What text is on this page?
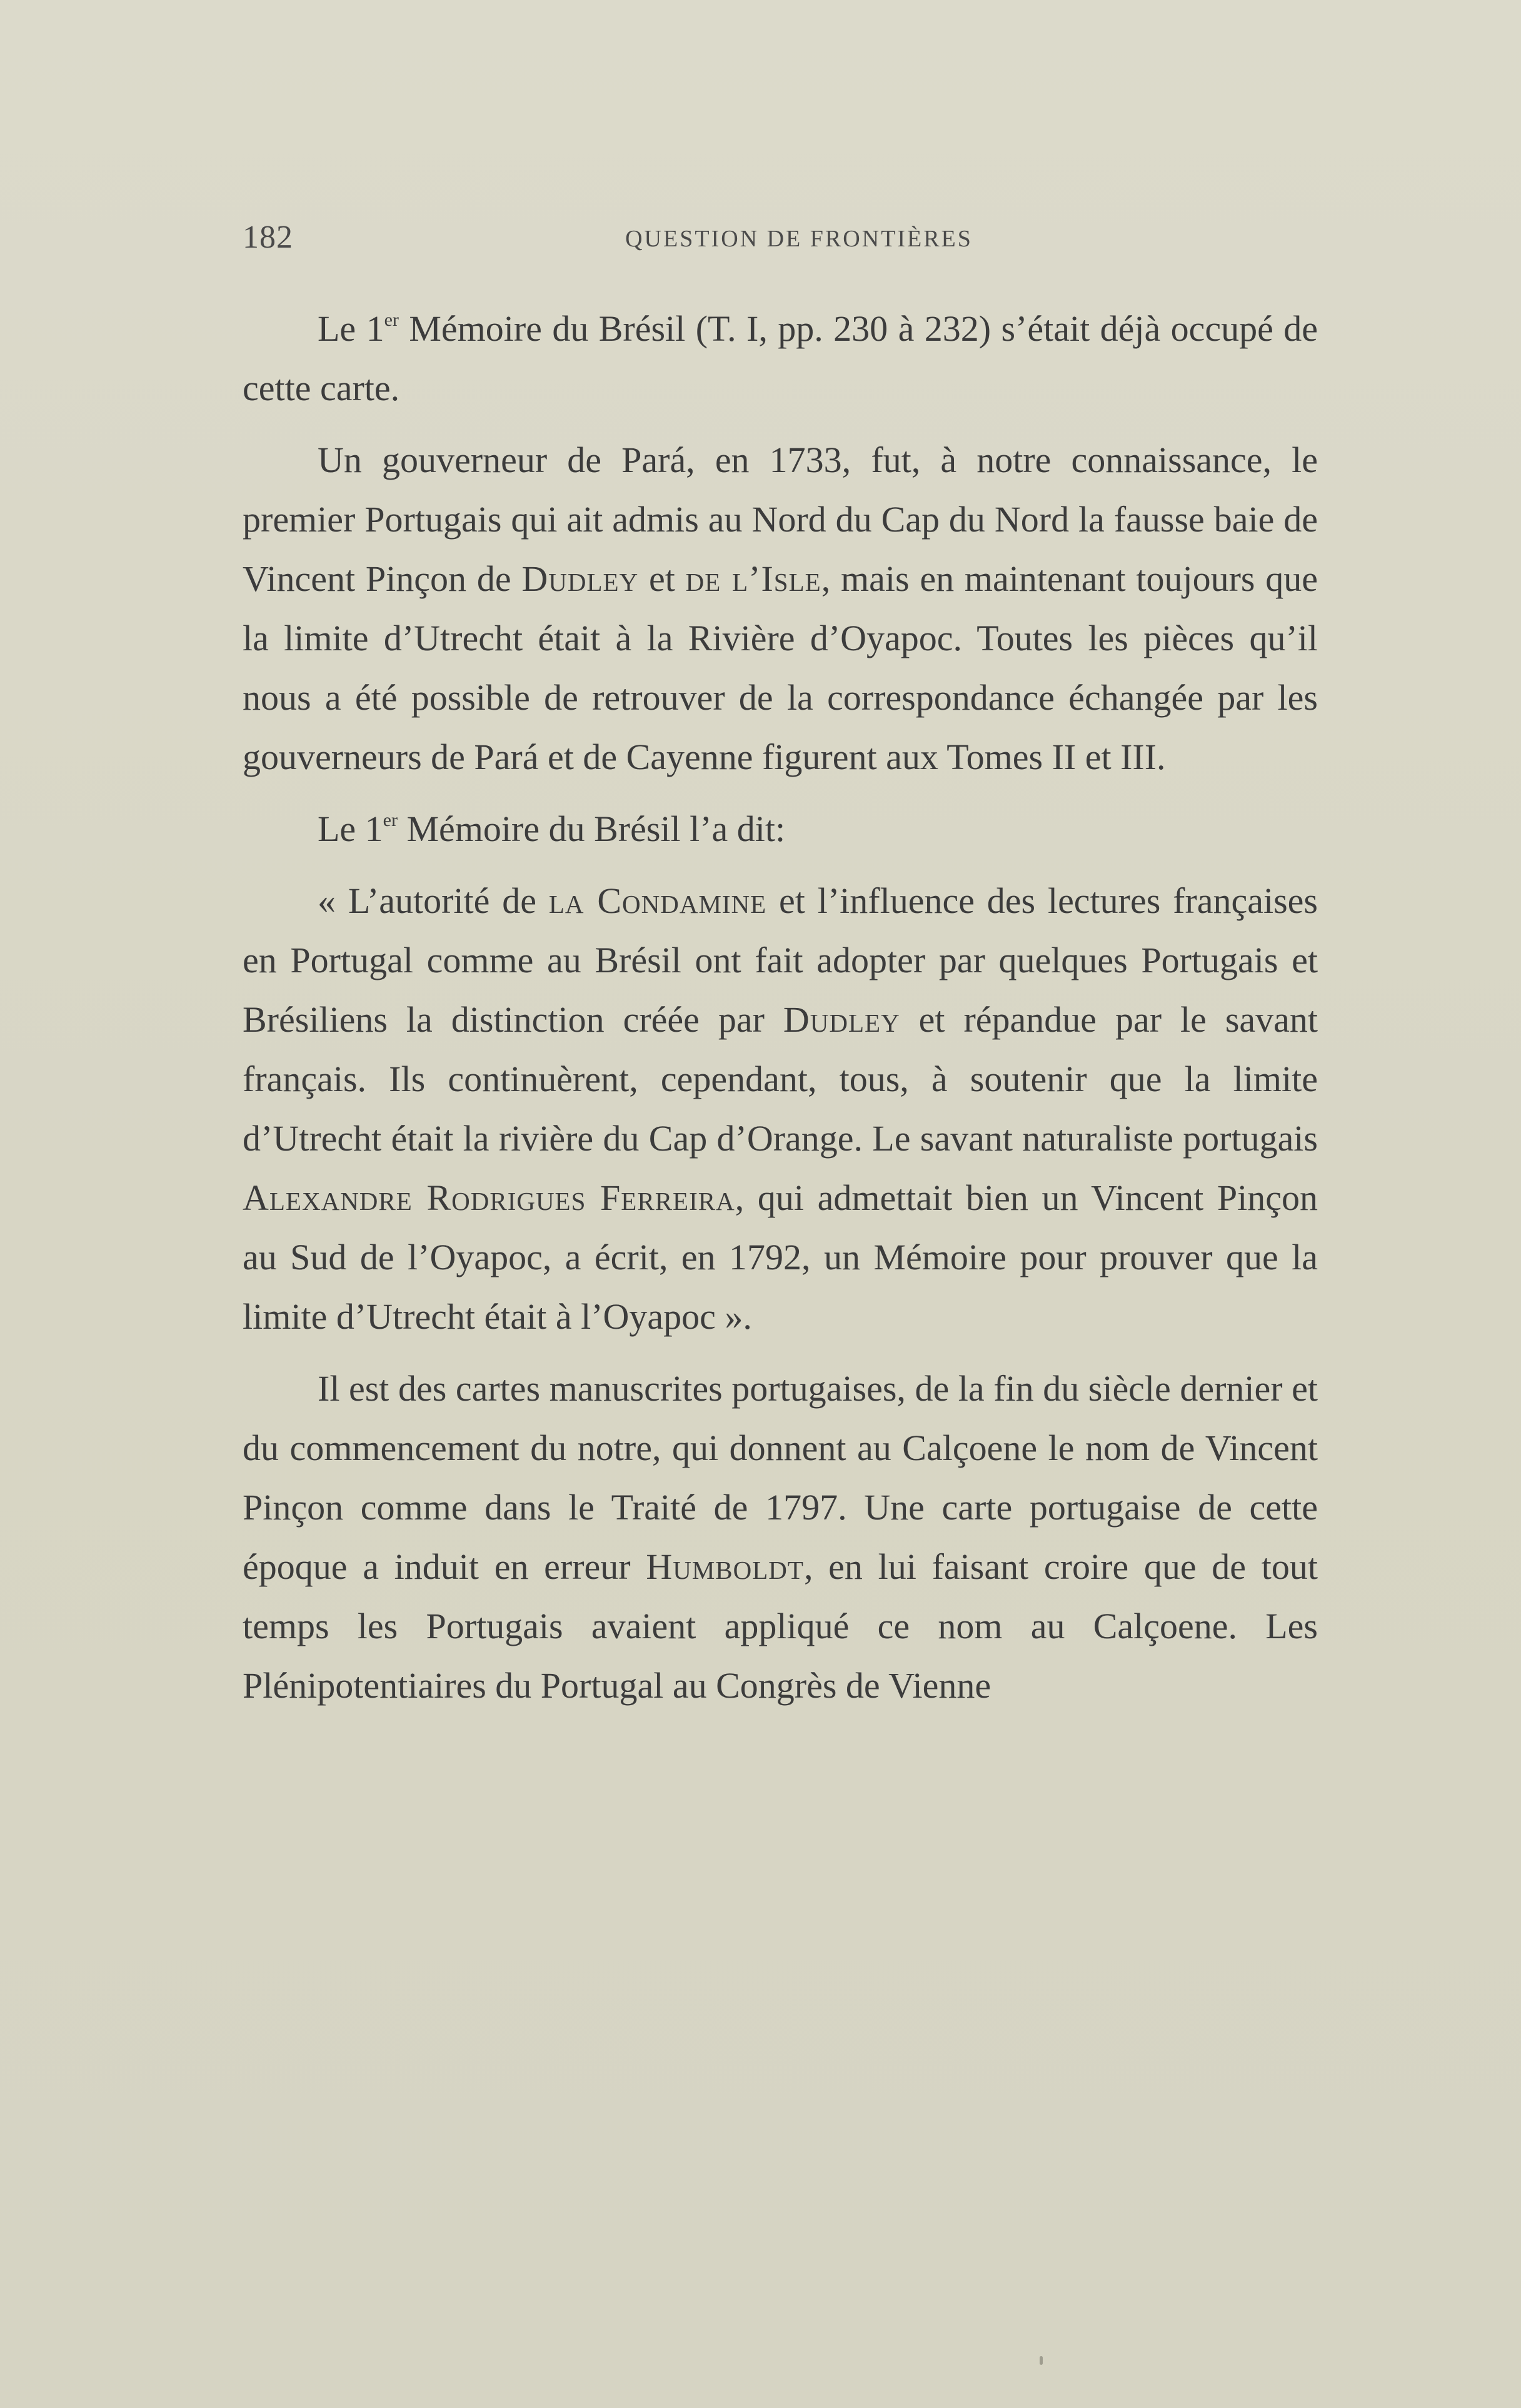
182	QUESTION DE FRONTIÈRES

Le 1er Mémoire du Brésil (T. I, pp. 230 à 232) s’était déjà occupé de cette carte.

Un gouverneur de Pará, en 1733, fut, à notre connaissance, le premier Portugais qui ait admis au Nord du Cap du Nord la fausse baie de Vincent Pinçon de Dudley et de l’Isle, mais en maintenant toujours que la limite d’Utrecht était à la Rivière d’Oyapoc. Toutes les pièces qu’il nous a été possible de retrouver de la correspondance échangée par les gouverneurs de Pará et de Cayenne figurent aux Tomes II et III.

Le 1er Mémoire du Brésil l’a dit:

« L’autorité de la Condamine et l’influence des lectures françaises en Portugal comme au Brésil ont fait adopter par quelques Portugais et Brésiliens la distinction créée par Dudley et répandue par le savant français. Ils continuèrent, cependant, tous, à soutenir que la limite d’Utrecht était la rivière du Cap d’Orange. Le savant naturaliste portugais Alexandre Rodrigues Ferreira, qui admettait bien un Vincent Pinçon au Sud de l’Oyapoc, a écrit, en 1792, un Mémoire pour prouver que la limite d’Utrecht était à l’Oyapoc ».

Il est des cartes manuscrites portugaises, de la fin du siècle dernier et du commencement du notre, qui donnent au Calçoene le nom de Vincent Pinçon comme dans le Traité de 1797. Une carte portugaise de cette époque a induit en erreur Humboldt, en lui faisant croire que de tout temps les Portugais avaient appliqué ce nom au Calçoene. Les Plénipotentiaires du Portugal au Congrès de Vienne
